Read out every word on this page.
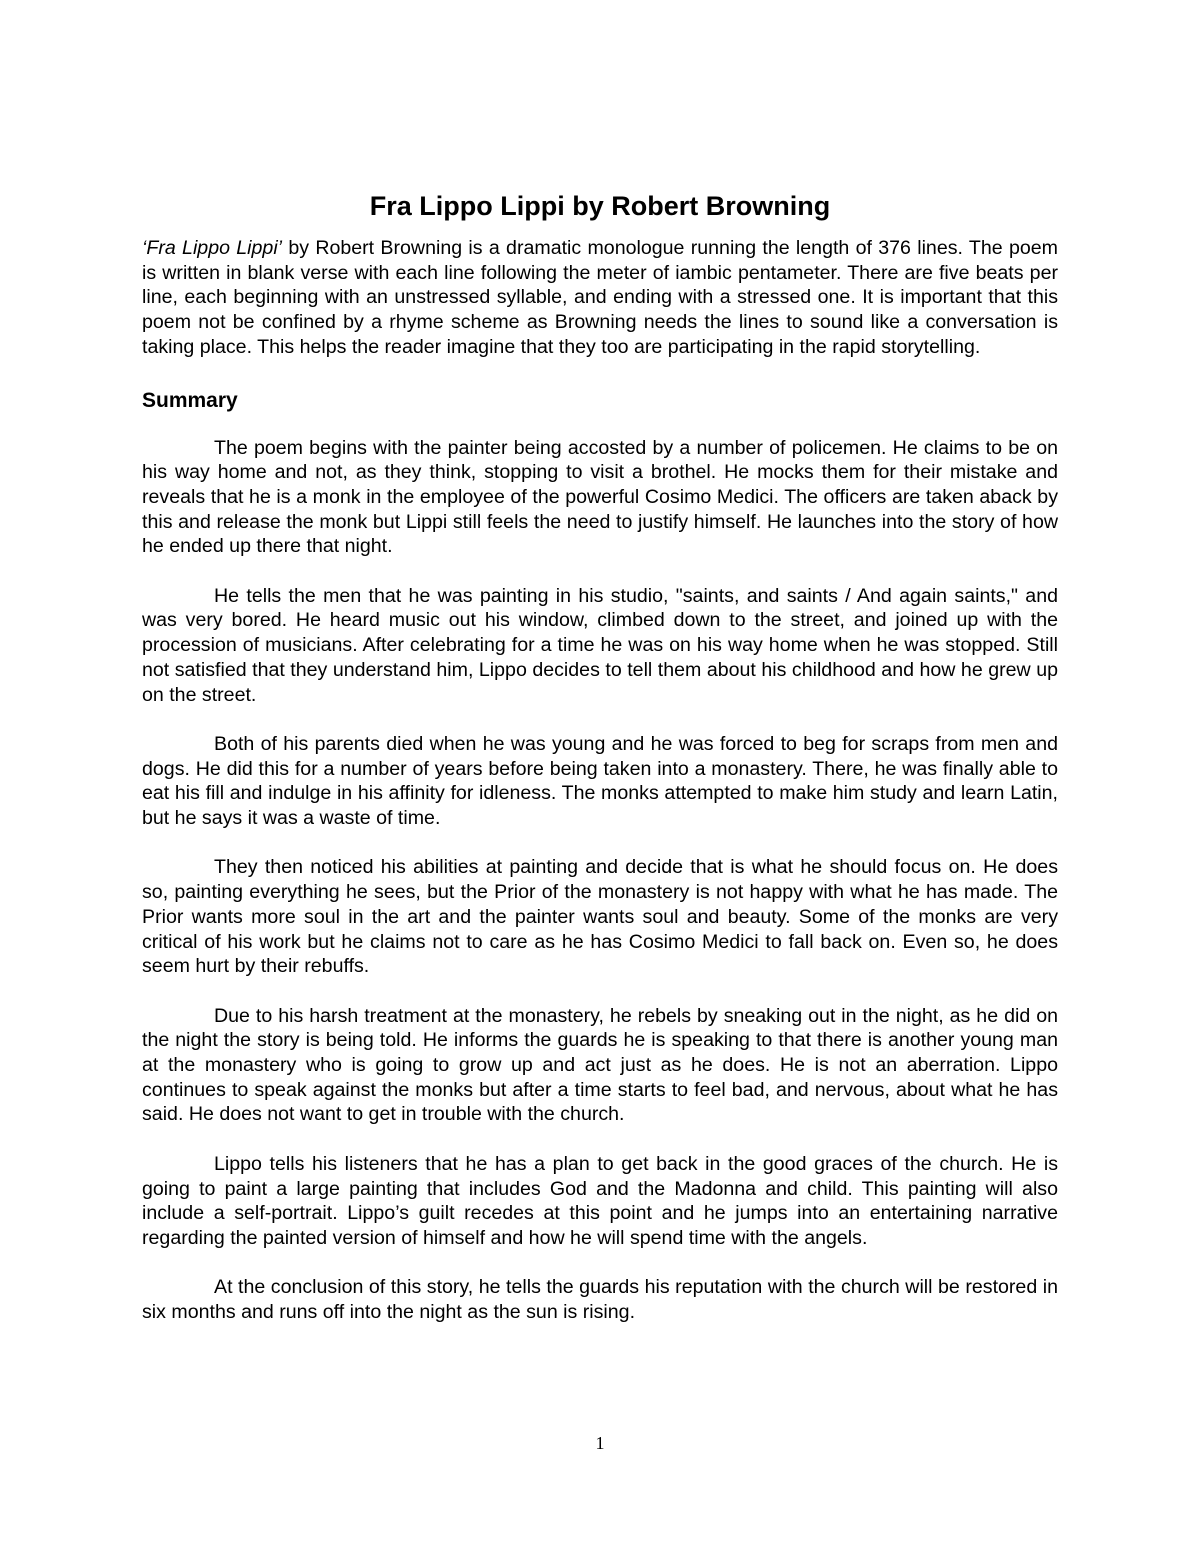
Fra Lippo Lippi by Robert Browning

‘Fra Lippo Lippi’ by Robert Browning is a dramatic monologue running the length of 376 lines. The poem is written in blank verse with each line following the meter of iambic pentameter. There are five beats per line, each beginning with an unstressed syllable, and ending with a stressed one. It is important that this poem not be confined by a rhyme scheme as Browning needs the lines to sound like a conversation is taking place. This helps the reader imagine that they too are participating in the rapid storytelling.

Summary

The poem begins with the painter being accosted by a number of policemen. He claims to be on his way home and not, as they think, stopping to visit a brothel. He mocks them for their mistake and reveals that he is a monk in the employee of the powerful Cosimo Medici. The officers are taken aback by this and release the monk but Lippi still feels the need to justify himself. He launches into the story of how he ended up there that night.

He tells the men that he was painting in his studio, "saints, and saints / And again saints," and was very bored. He heard music out his window, climbed down to the street, and joined up with the procession of musicians. After celebrating for a time he was on his way home when he was stopped. Still not satisfied that they understand him, Lippo decides to tell them about his childhood and how he grew up on the street.

Both of his parents died when he was young and he was forced to beg for scraps from men and dogs. He did this for a number of years before being taken into a monastery. There, he was finally able to eat his fill and indulge in his affinity for idleness. The monks attempted to make him study and learn Latin, but he says it was a waste of time.

They then noticed his abilities at painting and decide that is what he should focus on. He does so, painting everything he sees, but the Prior of the monastery is not happy with what he has made. The Prior wants more soul in the art and the painter wants soul and beauty. Some of the monks are very critical of his work but he claims not to care as he has Cosimo Medici to fall back on. Even so, he does seem hurt by their rebuffs.

Due to his harsh treatment at the monastery, he rebels by sneaking out in the night, as he did on the night the story is being told. He informs the guards he is speaking to that there is another young man at the monastery who is going to grow up and act just as he does. He is not an aberration. Lippo continues to speak against the monks but after a time starts to feel bad, and nervous, about what he has said. He does not want to get in trouble with the church.

Lippo tells his listeners that he has a plan to get back in the good graces of the church. He is going to paint a large painting that includes God and the Madonna and child. This painting will also include a self-portrait. Lippo’s guilt recedes at this point and he jumps into an entertaining narrative regarding the painted version of himself and how he will spend time with the angels.

At the conclusion of this story, he tells the guards his reputation with the church will be restored in six months and runs off into the night as the sun is rising.

1
